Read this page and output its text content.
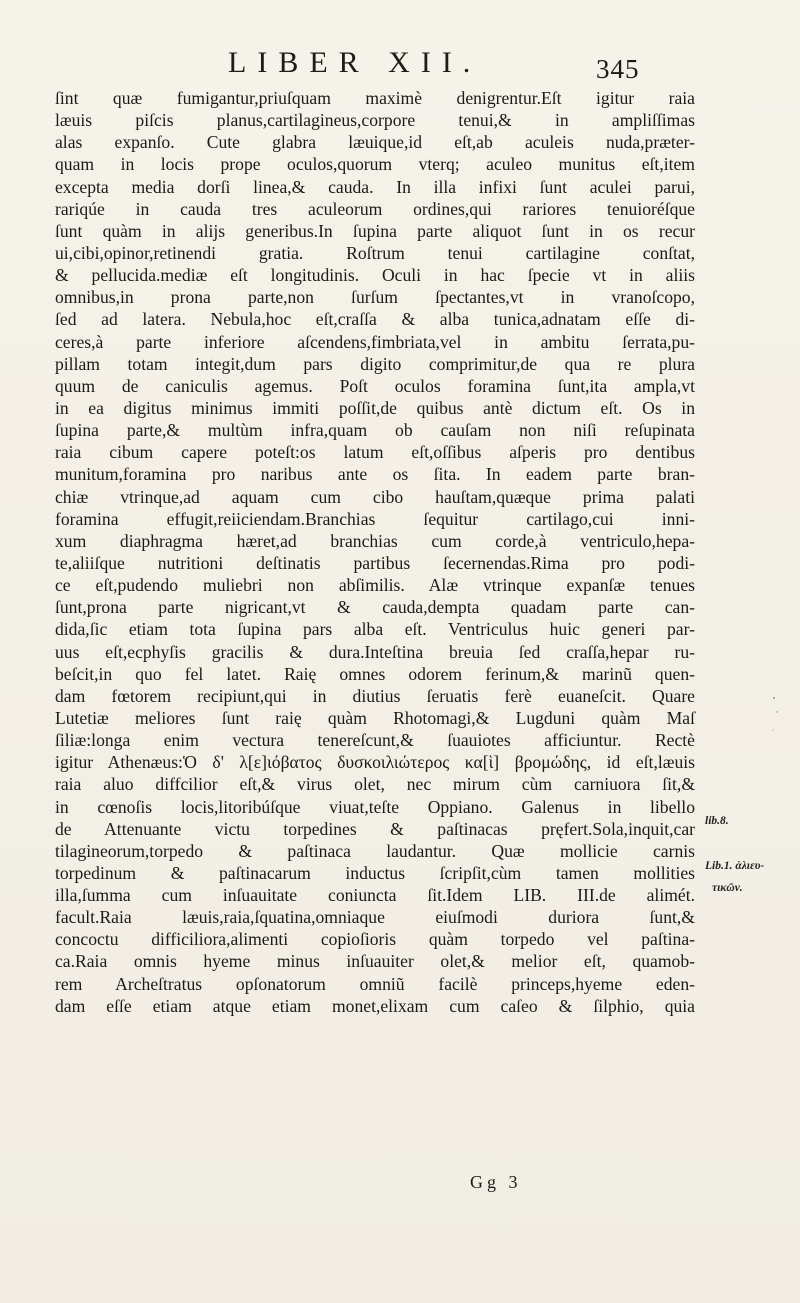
LIBER XII.	345
ſint quæ fumigantur,priuſquam maximè denigrentur.Eſt igitur raia
læuis piſcis planus,cartilagineus,corpore tenui,& in ampliſſimas
alas expanſo. Cute glabra læuique,id eſt,ab aculeis nuda,præter-
quam in locis prope oculos,quorum vterq; aculeo munitus eſt,item
excepta media dorſi linea,& cauda. In illa infixi ſunt aculei parui,
rariqúe in cauda tres aculeorum ordines,qui rariores tenuioréſque
ſunt quàm in alijs generibus.In ſupina parte aliquot ſunt in os recur
ui,cibi,opinor,retinendi gratia. Roſtrum tenui cartilagine conſtat,
& pellucida.mediæ eſt longitudinis. Oculi in hac ſpecie vt in aliis
omnibus,in prona parte,non ſurſum ſpectantes,vt in vranoſcopo,
ſed ad latera. Nebula,hoc eſt,craſſa & alba tunica,adnatam eſſe di-
ceres,à parte inferiore aſcendens,fimbriata,vel in ambitu ſerrata,pu-
pillam totam integit,dum pars digito comprimitur,de qua re plura
quum de caniculis agemus. Poſt oculos foramina ſunt,ita ampla,vt
in ea digitus minimus immiti poſſit,de quibus antè dictum eſt. Os in
ſupina parte,& multùm infra,quam ob cauſam non niſi reſupinata
raia cibum capere poteſt:os latum eſt,oſſibus aſperis pro dentibus
munitum,foramina pro naribus ante os ſita. In eadem parte bran-
chiæ vtrinque,ad aquam cum cibo hauſtam,quæque prima palati
foramina effugit,reiiciendam.Branchias ſequitur cartilago,cui inni-
xum diaphragma hæret,ad branchias cum corde,à ventriculo,hepa-
te,aliiſque nutritioni deſtinatis partibus ſecernendas.Rima pro podi-
ce eſt,pudendo muliebri non abſimilis. Alæ vtrinque expanſæ tenues
ſunt,prona parte nigricant,vt & cauda,dempta quadam parte can-
dida,ſic etiam tota ſupina pars alba eſt. Ventriculus huic generi par-
uus eſt,ecphyſis gracilis & dura.Inteſtina breuia ſed craſſa,hepar ru-
beſcit,in quo fel latet. Raię omnes odorem ferinum,& marinũ quen-
dam fœtorem recipiunt,qui in diutius ſeruatis ferè euaneſcit. Quare
Lutetiæ meliores ſunt raię quàm Rhotomagi,& Lugduni quàm Maſ
ſiliæ:longa enim vectura tenereſcunt,& ſuauiotes afficiuntur. Rectè
igitur Athenæus:Ὁ δ' λ[ε]ιόβατος δυσκοιλιώτερος κα[ὶ] βρομώδης, id eſt,læuis
raia aluo diffcilior eſt,& virus olet, nec mirum cùm carniuora ſit,&
in cœnoſis locis,litoribúſque viuat,teſte Oppiano. Galenus in libello
de Attenuante victu torpedines & paſtinacas pręfert.Sola,inquit,car
tilagineorum,torpedo & paſtinaca laudantur. Quæ mollicie carnis
torpedinum & paſtinacarum inductus ſcripſit,cùm tamen mollities
illa,ſumma cum inſuauitate coniuncta ſit.Idem LIB. III.de alimét.
facult.Raia læuis,raia,ſquatina,omniaque eiuſmodi duriora ſunt,&
concoctu difficiliora,alimenti copioſioris quàm torpedo vel paſtina-
ca.Raia omnis hyeme minus inſuauiter olet,& melior eſt, quamob-
rem Archeſtratus opſonatorum omniũ facilè princeps,hyeme eden-
dam eſſe etiam atque etiam monet,elixam cum caſeo & ſilphio, quia
lib.8.
Lib.1. ἁλιευ-
τικῶν.
Gg 3
